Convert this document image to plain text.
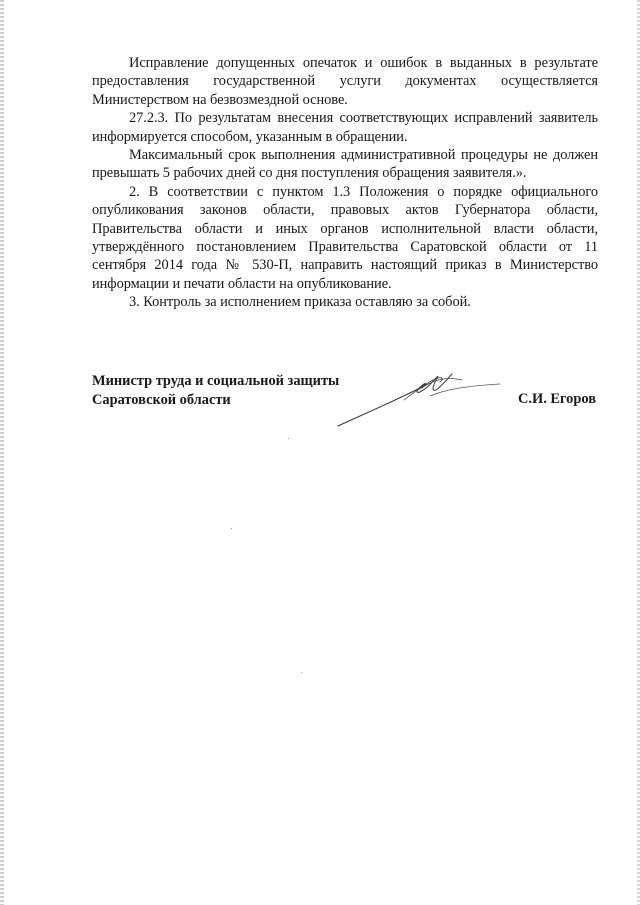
Исправление допущенных опечаток и ошибок в выданных в результате предоставления государственной услуги документах осуществляется Министерством на безвозмездной основе.

27.2.3. По результатам внесения соответствующих исправлений заявитель информируется способом, указанным в обращении.

Максимальный срок выполнения административной процедуры не должен превышать 5 рабочих дней со дня поступления обращения заявителя.».

2. В соответствии с пунктом 1.3 Положения о порядке официального опубликования законов области, правовых актов Губернатора области, Правительства области и иных органов исполнительной власти области, утверждённого постановлением Правительства Саратовской области от 11 сентября 2014 года № 530-П, направить настоящий приказ в Министерство информации и печати области на опубликование.

3. Контроль за исполнением приказа оставляю за собой.

Министр труда и социальной защиты
Саратовской области	С.И. Егоров
